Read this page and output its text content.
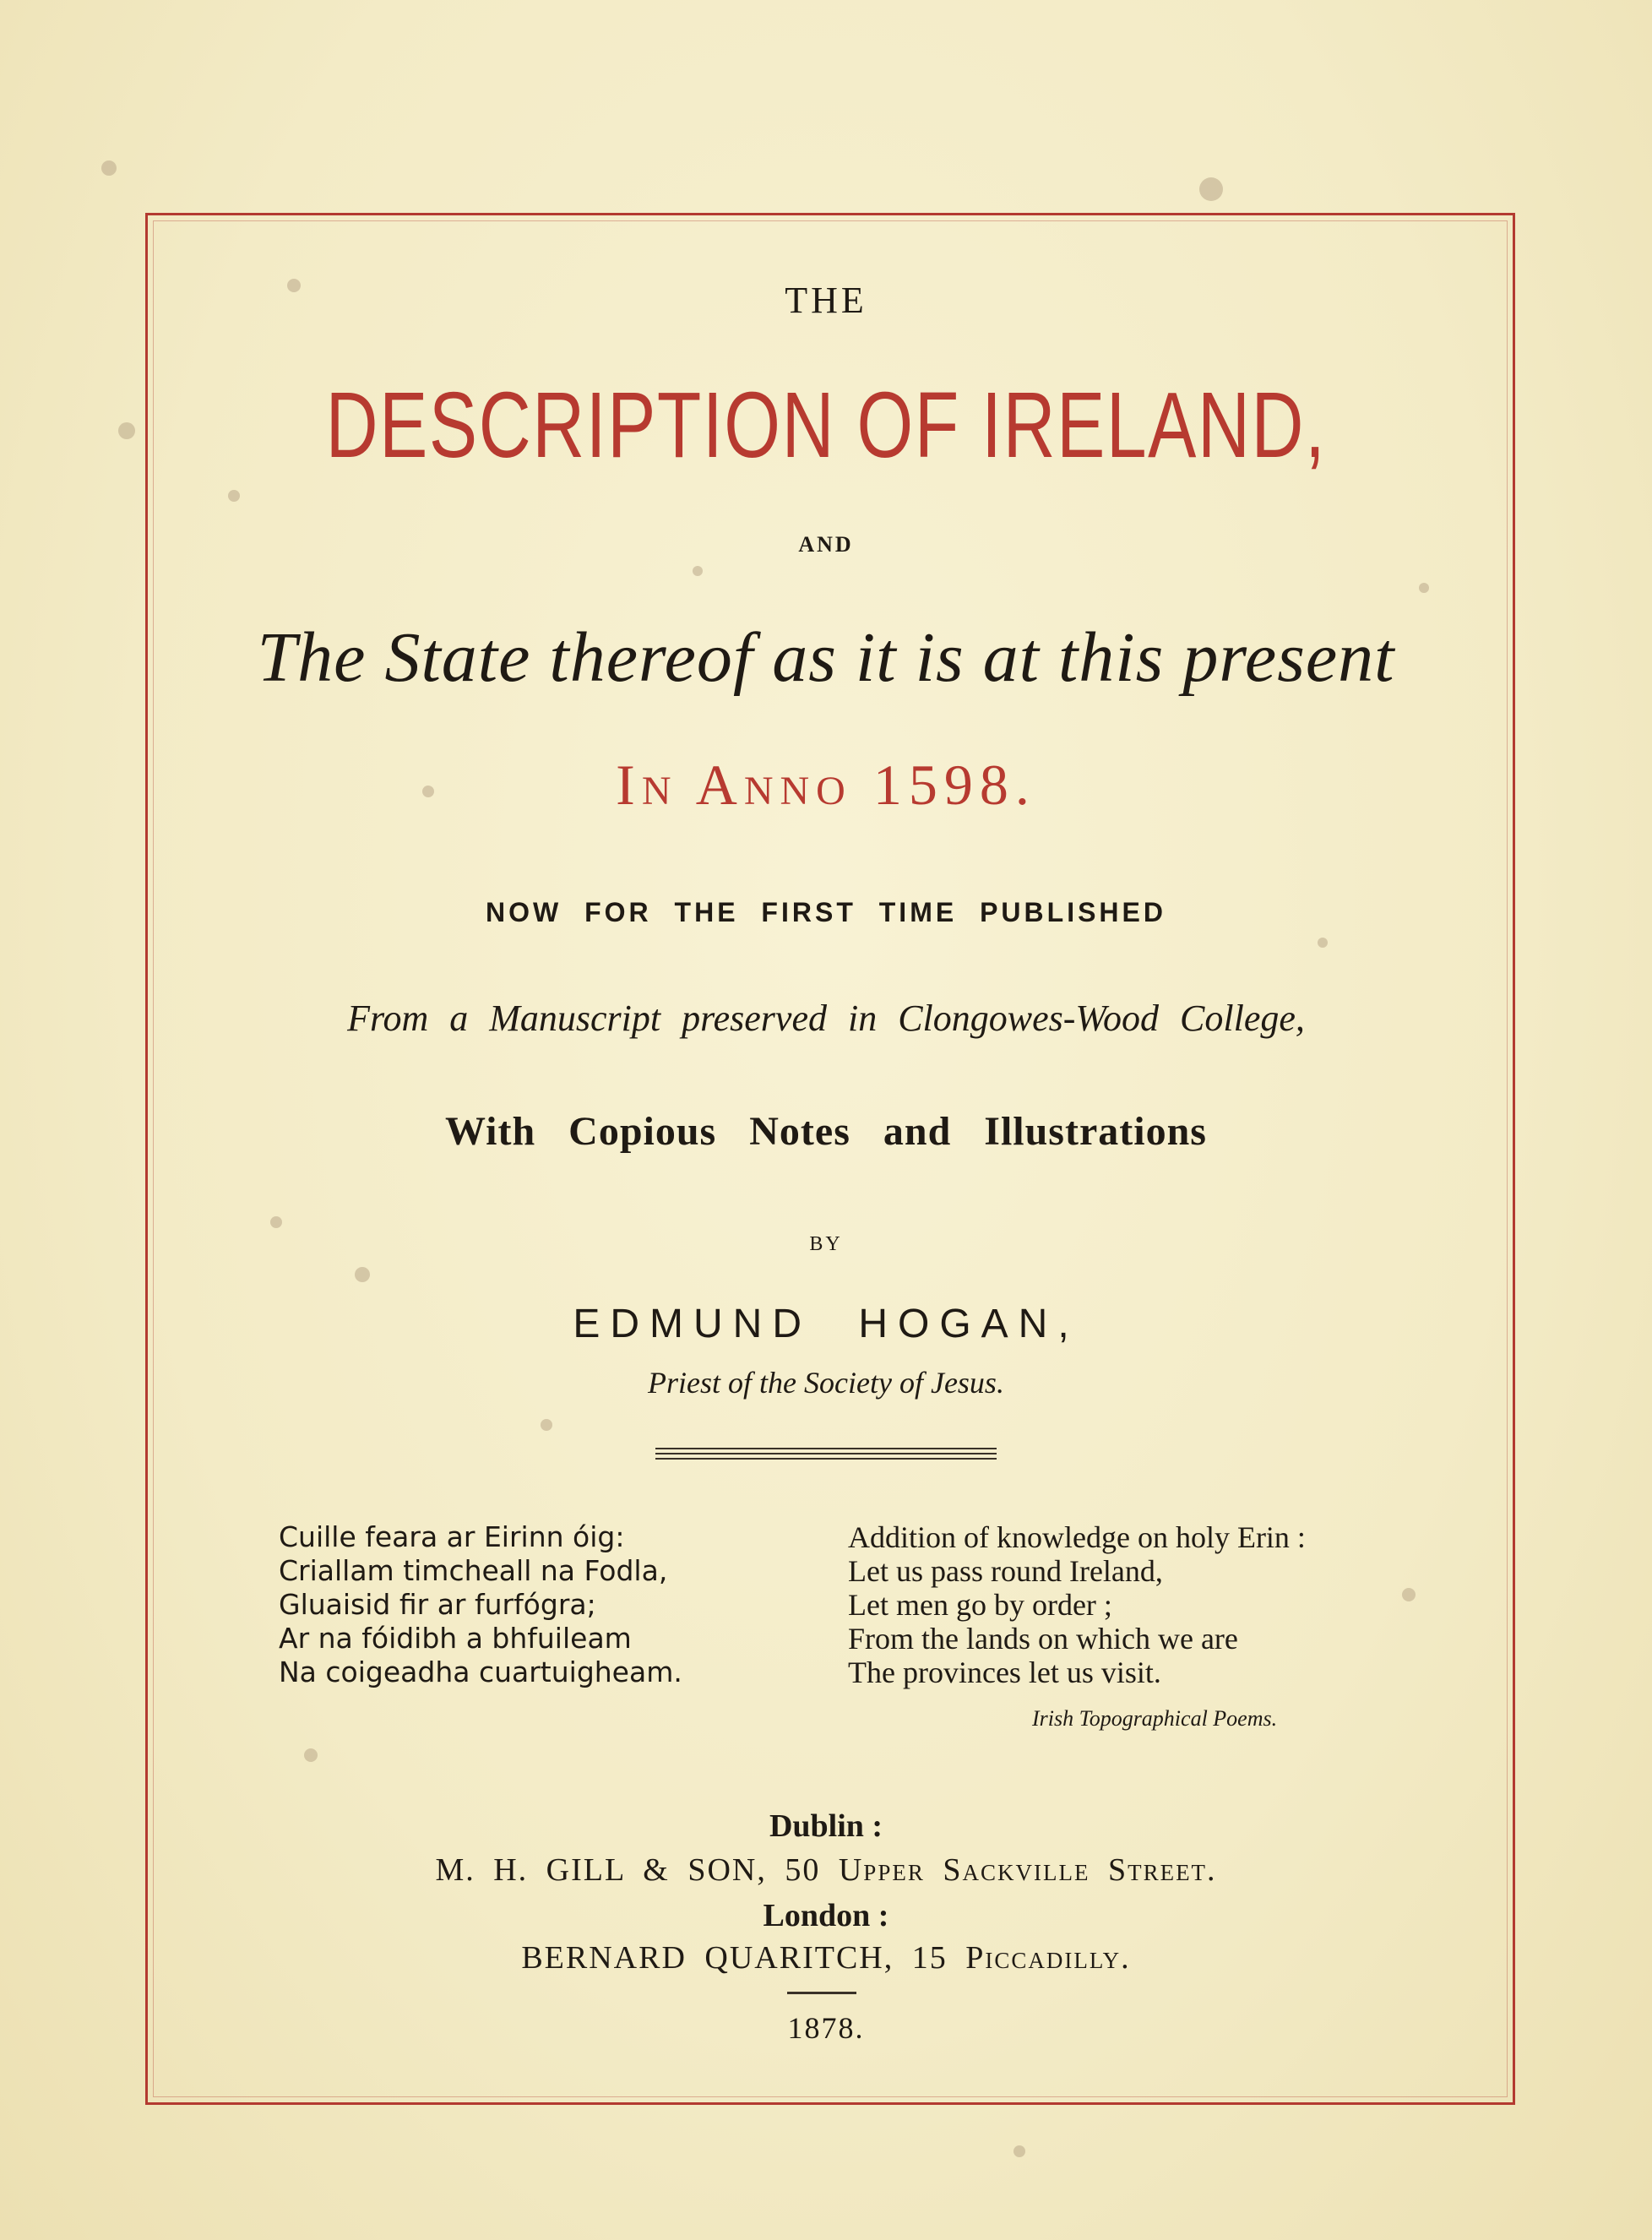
THE
DESCRIPTION OF IRELAND,
AND
The State thereof as it is at this present
In Anno 1598.
NOW FOR THE FIRST TIME PUBLISHED
From a Manuscript preserved in Clongowes-Wood College,
With Copious Notes and Illustrations
BY
EDMUND HOGAN,
Priest of the Society of Jesus.
Cuille feara ar Eirinn óig:
Criallam timcheall na Fodla,
Gluaisid fir ar furfógra;
Ar na fóidibh a bhfuileam
Na coigeadha cuartuigheam.
Addition of knowledge on holy Erin :
Let us pass round Ireland,
Let men go by order ;
From the lands on which we are
The provinces let us visit.
Irish Topographical Poems.
Dublin :
M. H. GILL & SON, 50 Upper Sackville Street.
London :
BERNARD QUARITCH, 15 Piccadilly.
1878.
